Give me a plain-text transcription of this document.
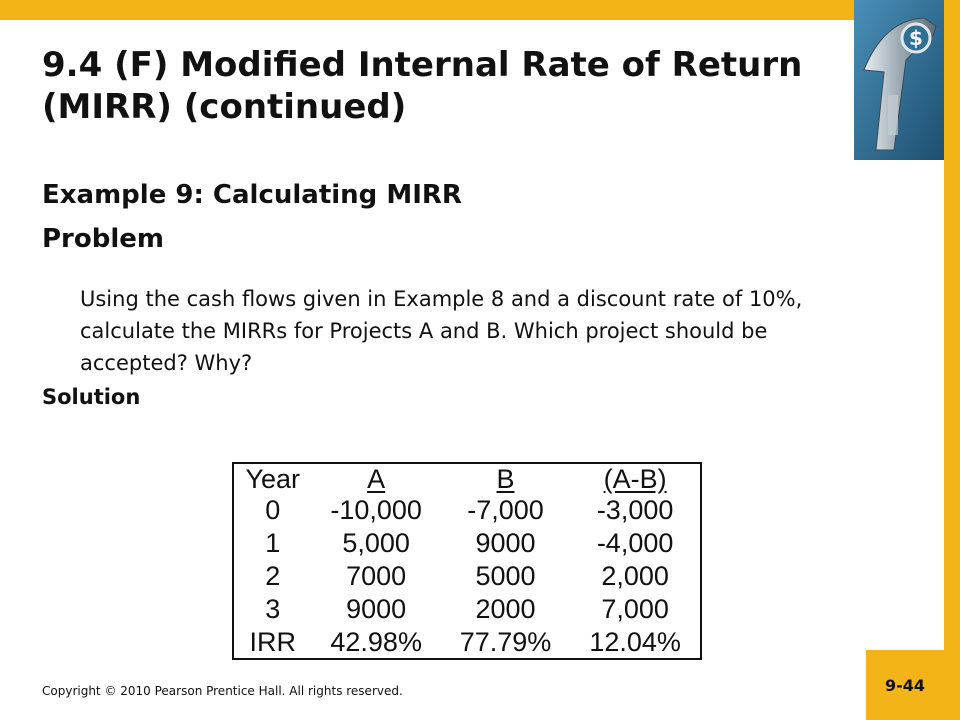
$
9.4 (F) Modified Internal Rate of Return (MIRR) (continued)
Example 9: Calculating MIRR
Problem
Using the cash flows given in Example 8 and a discount rate of 10%, calculate the MIRRs for Projects A and B. Which project should be accepted? Why?
Solution
Year	A	B	(A-B)
0	-10,000	-7,000	-3,000
1	5,000	9000	-4,000
2	7000	5000	2,000
3	9000	2000	7,000
IRR	42.98%	77.79%	12.04%
Copyright © 2010 Pearson Prentice Hall. All rights reserved.	9-44
